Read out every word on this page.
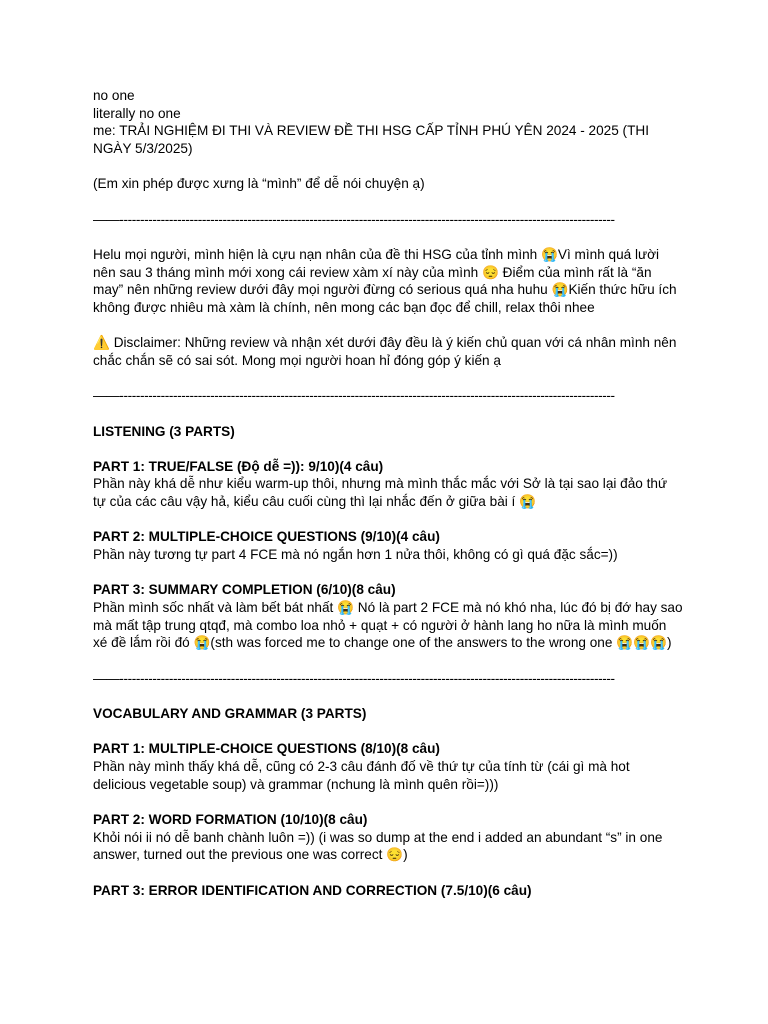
no one

literally no one

me: TRẢI NGHIỆM ĐI THI VÀ REVIEW ĐỀ THI HSG CẤP TỈNH PHÚ YÊN 2024 - 2025 (THI NGÀY 5/3/2025)

(Em xin phép được xưng là “mình” để dễ nói chuyện ạ)

——------------------------------------------------------------------------------------------------------------------------

Helu mọi người, mình hiện là cựu nạn nhân của đề thi HSG của tỉnh mình 😭Vì mình quá lười nên sau 3 tháng mình mới xong cái review xàm xí này của mình 😔 Điểm của mình rất là “ăn may” nên những review dưới đây mọi người đừng có serious quá nha huhu 😭Kiến thức hữu ích không được nhiêu mà xàm là chính, nên mong các bạn đọc để chill, relax thôi nhee

⚠️ Disclaimer: Những review và nhận xét dưới đây đều là ý kiến chủ quan với cá nhân mình nên chắc chắn sẽ có sai sót. Mong mọi người hoan hỉ đóng góp ý kiến ạ

——------------------------------------------------------------------------------------------------------------------------

LISTENING (3 PARTS)

PART 1: TRUE/FALSE (Độ dễ =)): 9/10)(4 câu)

Phần này khá dễ như kiểu warm-up thôi, nhưng mà mình thắc mắc với Sở là tại sao lại đảo thứ tự của các câu vậy hả, kiểu câu cuối cùng thì lại nhắc đến ở giữa bài í 😭

PART 2: MULTIPLE-CHOICE QUESTIONS (9/10)(4 câu)

Phần này tương tự part 4 FCE mà nó ngắn hơn 1 nửa thôi, không có gì quá đặc sắc=))

PART 3: SUMMARY COMPLETION (6/10)(8 câu)

Phần mình sốc nhất và làm bết bát nhất 😭 Nó là part 2 FCE mà nó khó nha, lúc đó bị đớ hay sao mà mất tập trung qtqđ, mà combo loa nhỏ + quạt + có người ở hành lang ho nữa là mình muốn xé đề lắm rồi đó 😭(sth was forced me to change one of the answers to the wrong one 😭😭😭)

——------------------------------------------------------------------------------------------------------------------------

VOCABULARY AND GRAMMAR (3 PARTS)

PART 1: MULTIPLE-CHOICE QUESTIONS (8/10)(8 câu)

Phần này mình thấy khá dễ, cũng có 2-3 câu đánh đố về thứ tự của tính từ (cái gì mà hot delicious vegetable soup) và grammar (nchung là mình quên rồi=)))

PART 2: WORD FORMATION (10/10)(8 câu)

Khỏi nói ii nó dễ banh chành luôn =)) (i was so dump at the end i added an abundant “s” in one answer, turned out the previous one was correct 😔)

PART 3: ERROR IDENTIFICATION AND CORRECTION (7.5/10)(6 câu)
